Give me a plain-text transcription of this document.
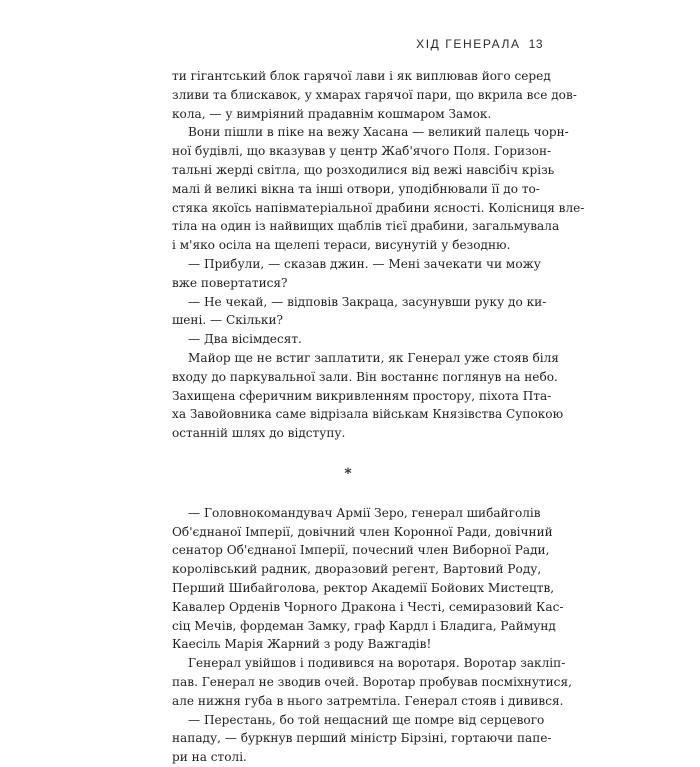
ХІД ГЕНЕРАЛА 13
ти гігантський блок гарячої лави і як виплював його серед
зливи та блискавок, у хмарах гарячої пари, що вкрила все дов-
кола, — у вимріяний прадавнім кошмаром Замок.
Вони пішли в піке на вежу Хасана — великий палець чорн-
ної будівлі, що вказував у центр Жаб'ячого Поля. Горизон-
тальні жерді світла, що розходилися від вежі навсібіч крізь
малі й великі вікна та інші отвори, уподібнювали її до то-
стяка якоїсь напівматеріальної драбини ясності. Колісниця вле-
тіла на один із найвищих щаблів тієї драбини, загальмувала
і м'яко осіла на щелепі тераси, висунутій у безодню.
— Прибули, — сказав джин. — Мені зачекати чи можу
вже повертатися?
— Не чекай, — відповів Закраца, засунувши руку до ки-
шені. — Скільки?
— Два вісімдесят.
Майор ще не встиг заплатити, як Генерал уже стояв біля
входу до паркувальної зали. Він востаннє поглянув на небо.
Захищена сферичним викривленням простору, піхота Пта-
ха Завойовника саме відрізала військам Князівства Супокою
останній шлях до відступу.
*
— Головнокомандувач Армії Зеро, генерал шибайголів
Об'єднаної Імперії, довічний член Коронної Ради, довічний
сенатор Об'єднаної Імперії, почесний член Виборної Ради,
королівський радник, дворазовий регент, Вартовий Роду,
Перший Шибайголова, ректор Академії Бойових Мистецтв,
Кавалер Орденів Чорного Дракона і Честі, семиразовий Кас-
сіц Мечів, фордеман Замку, граф Кардл і Бладига, Раймунд
Каесіль Марія Жарний з роду Важгадів!
Генерал увійшов і подивився на воротаря. Воротар закліп-
пав. Генерал не зводив очей. Воротар пробував посміхнутися,
але нижня губа в нього затремтіла. Генерал стояв і дивився.
— Перестань, бо той нещасний ще помре від серцевого
нападу, — буркнув перший міністр Бірзіні, гортаючи папе-
ри на столі.
